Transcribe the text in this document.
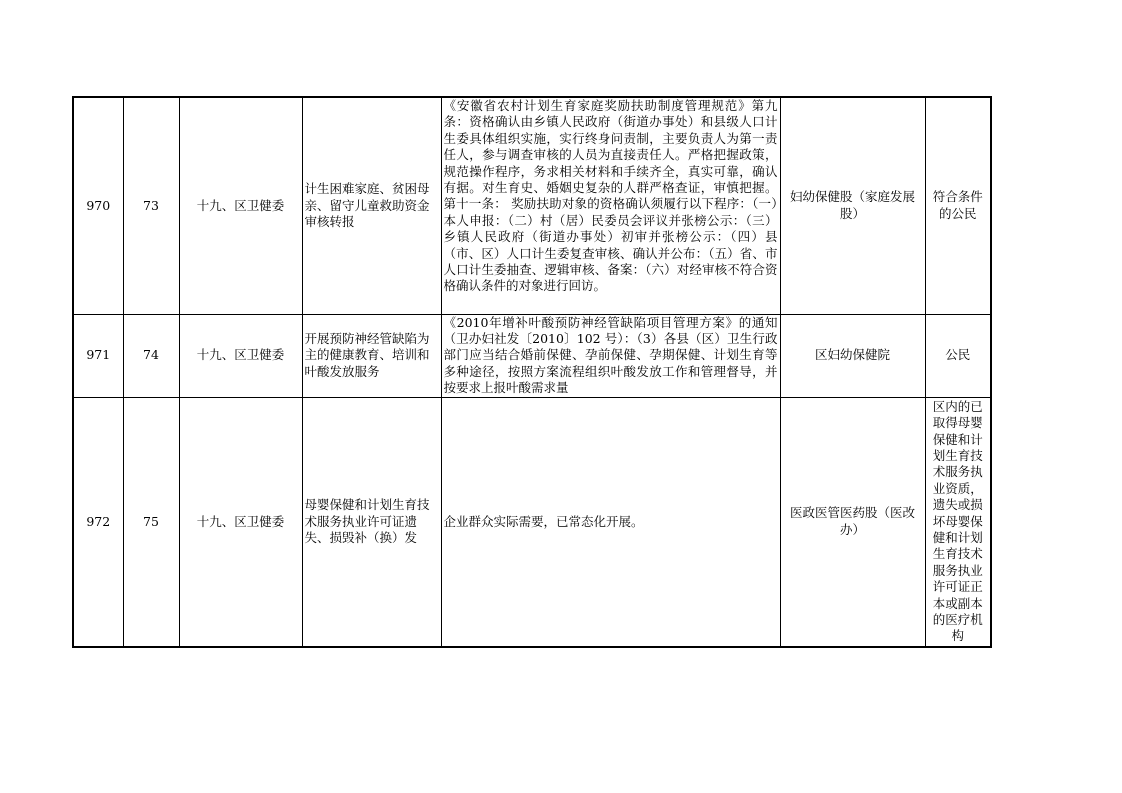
970	73	十九、区卫健委	计生困难家庭、贫困母亲、留守儿童救助资金审核转报	《安徽省农村计划生育家庭奖励扶助制度管理规范》第九条：资格确认由乡镇人民政府（街道办事处）和县级人口计生委具体组织实施，实行终身问责制，主要负责人为第一责任人，参与调查审核的人员为直接责任人。严格把握政策，规范操作程序，务求相关材料和手续齐全，真实可靠，确认有据。对生育史、婚姻史复杂的人群严格查证，审慎把握。第十一条： 奖励扶助对象的资格确认须履行以下程序：（一）本人申报：（二）村（居）民委员会评议并张榜公示：（三）乡镇人民政府（街道办事处）初审并张榜公示：（四）县（市、区）人口计生委复查审核、确认并公布：（五）省、市人口计生委抽查、逻辑审核、备案：（六）对经审核不符合资格确认条件的对象进行回访。	妇幼保健股（家庭发展股）	符合条件的公民
971	74	十九、区卫健委	开展预防神经管缺陷为主的健康教育、培训和叶酸发放服务	《2010年增补叶酸预防神经管缺陷项目管理方案》的通知（卫办妇社发〔2010〕102 号）：（3）各县（区）卫生行政部门应当结合婚前保健、孕前保健、孕期保健、计划生育等多种途径，按照方案流程组织叶酸发放工作和管理督导，并按要求上报叶酸需求量	区妇幼保健院	公民
972	75	十九、区卫健委	母婴保健和计划生育技术服务执业许可证遗失、损毁补（换）发	企业群众实际需要，已常态化开展。	医政医管医药股（医改办）	区内的已取得母婴保健和计划生育技术服务执业资质，遗失或损坏母婴保健和计划生育技术服务执业许可证正本或副本的医疗机构
